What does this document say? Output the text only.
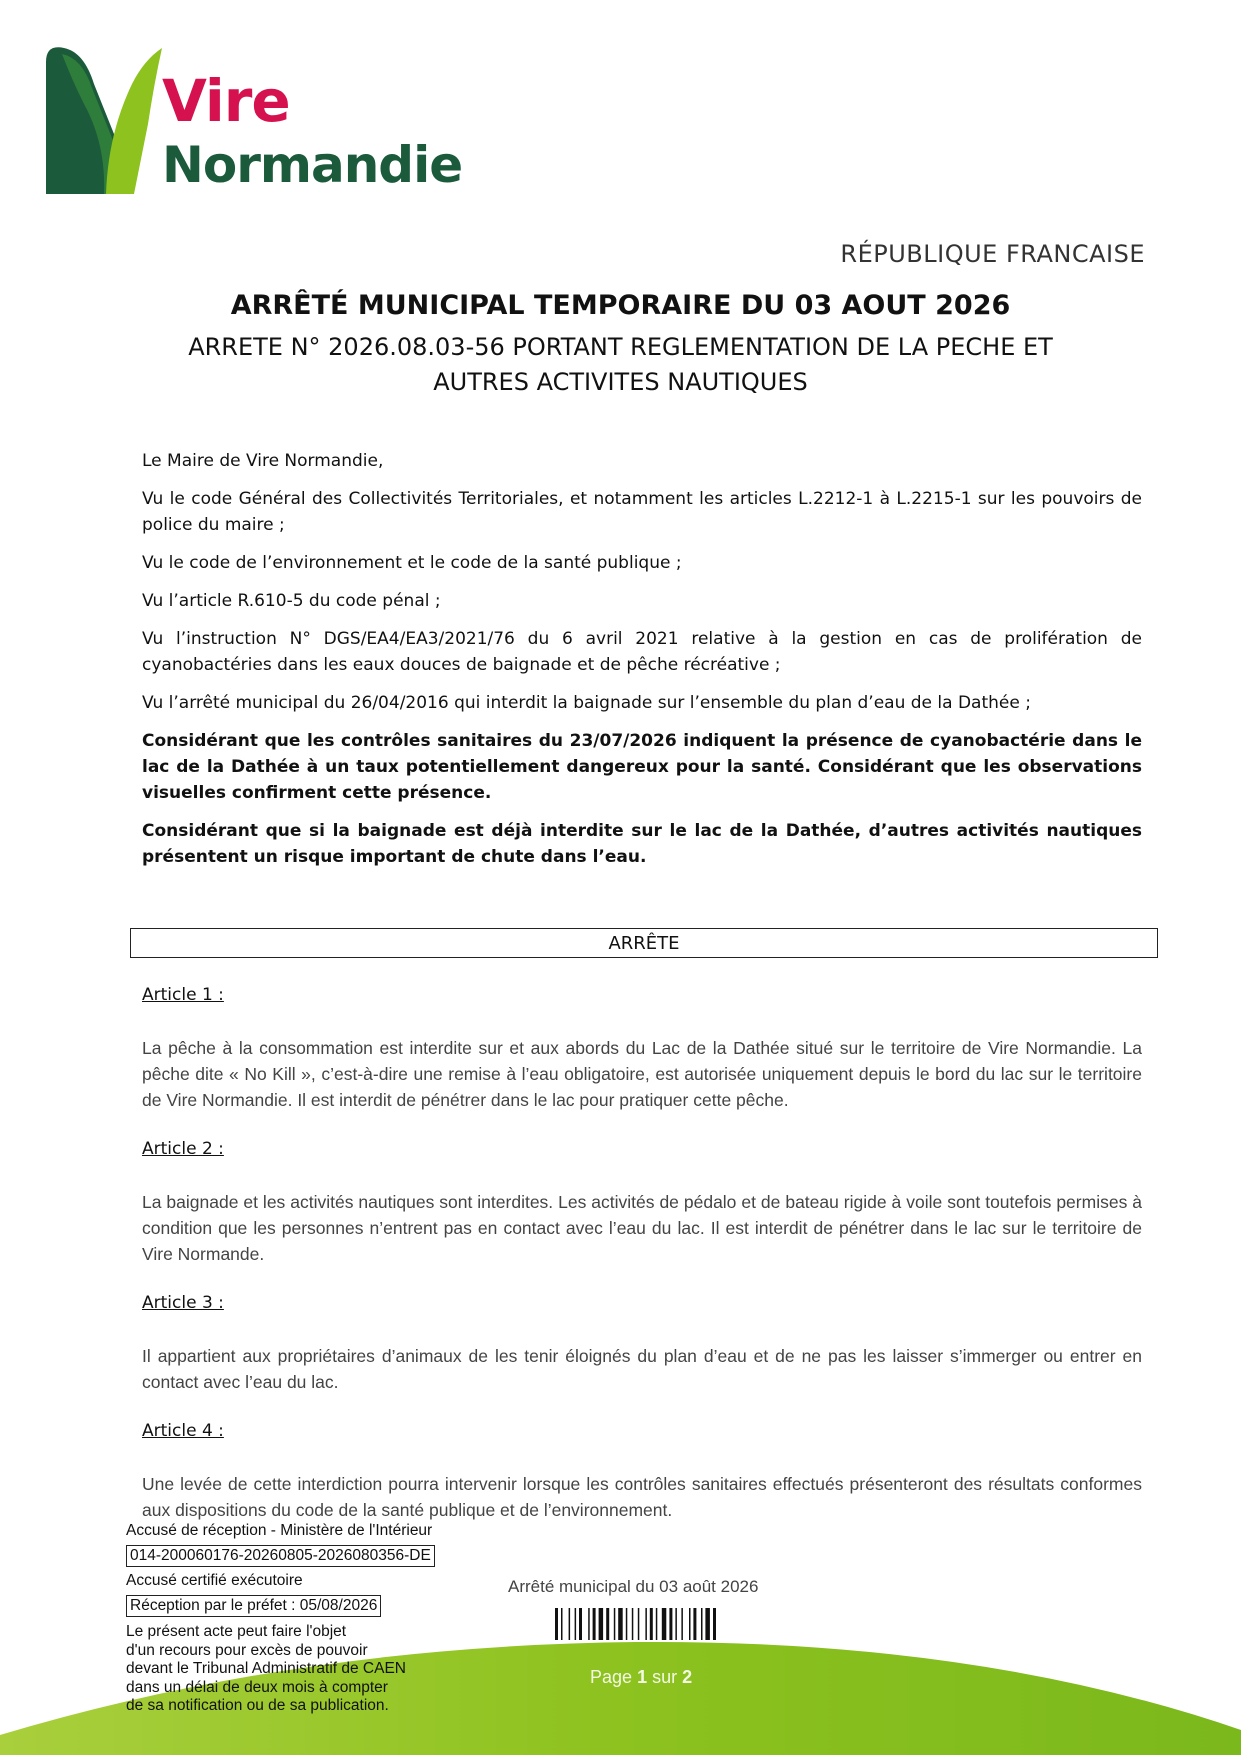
Vire
Normandie
RÉPUBLIQUE FRANCAISE
ARRÊTÉ MUNICIPAL TEMPORAIRE DU 03 AOUT 2026
ARRETE N° 2026.08.03-56 PORTANT REGLEMENTATION DE LA PECHE ET AUTRES ACTIVITES NAUTIQUES

Le Maire de Vire Normandie,

Vu le code Général des Collectivités Territoriales, et notamment les articles L.2212-1 à L.2215-1 sur les pouvoirs de police du maire ;

Vu le code de l’environnement et le code de la santé publique ;

Vu l’article R.610-5 du code pénal ;

Vu l’instruction N° DGS/EA4/EA3/2021/76 du 6 avril 2021 relative à la gestion en cas de prolifération de cyanobactéries dans les eaux douces de baignade et de pêche récréative ;

Vu l’arrêté municipal du 26/04/2016 qui interdit la baignade sur l’ensemble du plan d’eau de la Dathée ;

Considérant que les contrôles sanitaires du 23/07/2026 indiquent la présence de cyanobactérie dans le lac de la Dathée à un taux potentiellement dangereux pour la santé. Considérant que les observations visuelles confirment cette présence.

Considérant que si la baignade est déjà interdite sur le lac de la Dathée, d’autres activités nautiques présentent un risque important de chute dans l’eau.

ARRÊTE
Article 1 :
La pêche à la consommation est interdite sur et aux abords du Lac de la Dathée situé sur le territoire de Vire Normandie. La pêche dite « No Kill », c’est-à-dire une remise à l’eau obligatoire, est autorisée uniquement depuis le bord du lac sur le territoire de Vire Normandie. Il est interdit de pénétrer dans le lac pour pratiquer cette pêche.
Article 2 :
La baignade et les activités nautiques sont interdites. Les activités de pédalo et de bateau rigide à voile sont toutefois permises à condition que les personnes n’entrent pas en contact avec l’eau du lac. Il est interdit de pénétrer dans le lac sur le territoire de Vire Normande.
Article 3 :
Il appartient aux propriétaires d’animaux de les tenir éloignés du plan d’eau et de ne pas les laisser s’immerger ou entrer en contact avec l’eau du lac.
Article 4 :
Une levée de cette interdiction pourra intervenir lorsque les contrôles sanitaires effectués présenteront des résultats conformes aux dispositions du code de la santé publique et de l’environnement.
Arrêté municipal du 03 août 2026
Page 1 sur 2
Accusé de réception - Ministère de l'Intérieur
014-200060176-20260805-2026080356-DE
Accusé certifié exécutoire
Réception par le préfet : 05/08/2026
Le présent acte peut faire l'objet
d'un recours pour excès de pouvoir
devant le Tribunal Administratif de CAEN
dans un délai de deux mois à compter
de sa notification ou de sa publication.
